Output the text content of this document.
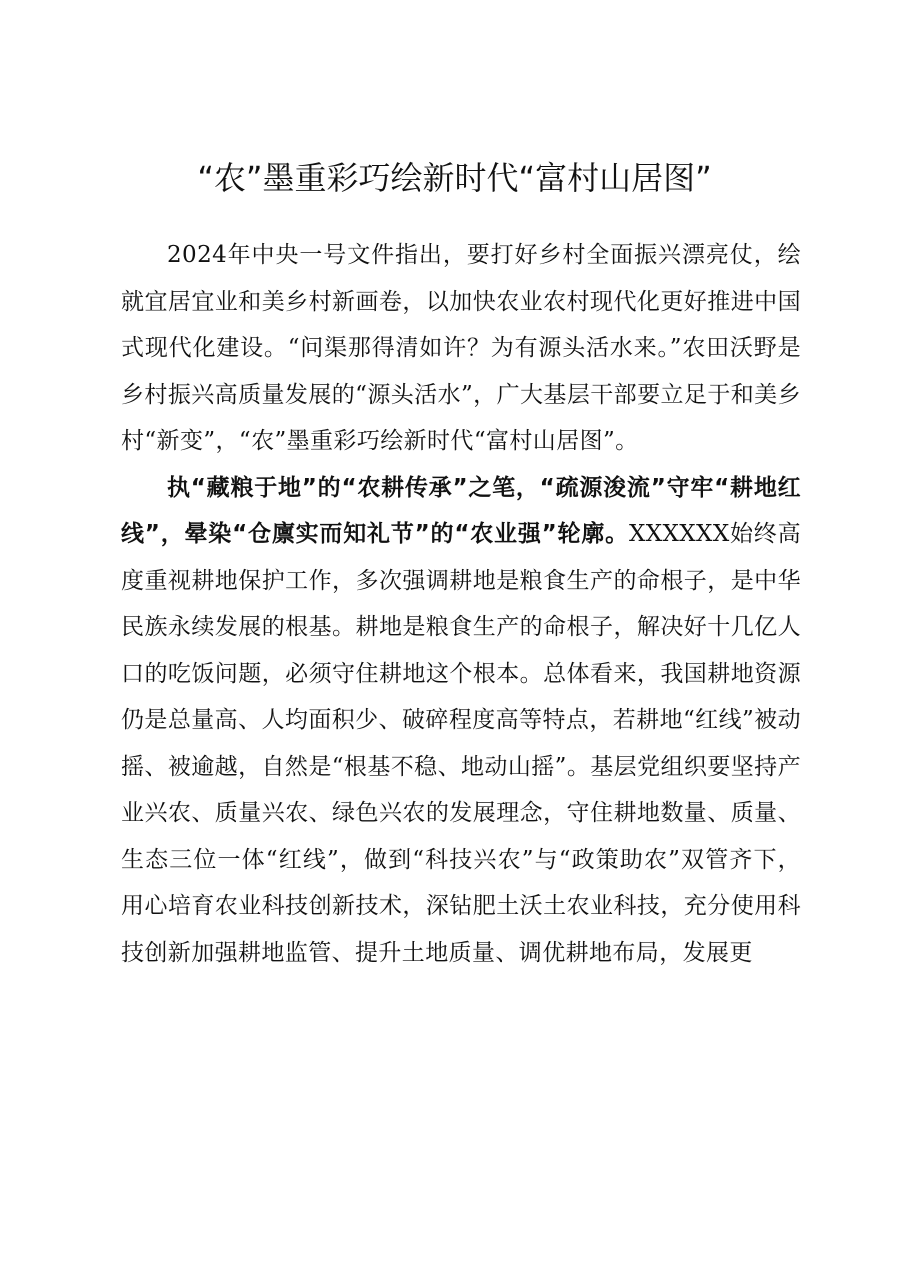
“农”墨重彩巧绘新时代“富村山居图”

2024年中央一号文件指出，要打好乡村全面振兴漂亮仗，绘就宜居宜业和美乡村新画卷，以加快农业农村现代化更好推进中国式现代化建设。“问渠那得清如许？为有源头活水来。”农田沃野是乡村振兴高质量发展的“源头活水”，广大基层干部要立足于和美乡村“新变”，“农”墨重彩巧绘新时代“富村山居图”。

执“藏粮于地”的“农耕传承”之笔，“疏源浚流”守牢“耕地红线”，晕染“仓廪实而知礼节”的“农业强”轮廓。XXXXXX始终高度重视耕地保护工作，多次强调耕地是粮食生产的命根子，是中华民族永续发展的根基。耕地是粮食生产的命根子，解决好十几亿人口的吃饭问题，必须守住耕地这个根本。总体看来，我国耕地资源仍是总量高、人均面积少、破碎程度高等特点，若耕地“红线”被动摇、被逾越，自然是“根基不稳、地动山摇”。基层党组织要坚持产业兴农、质量兴农、绿色兴农的发展理念，守住耕地数量、质量、生态三位一体“红线”，做到“科技兴农”与“政策助农”双管齐下，用心培育农业科技创新技术，深钻肥土沃土农业科技，充分使用科技创新加强耕地监管、提升土地质量、调优耕地布局，发展更
